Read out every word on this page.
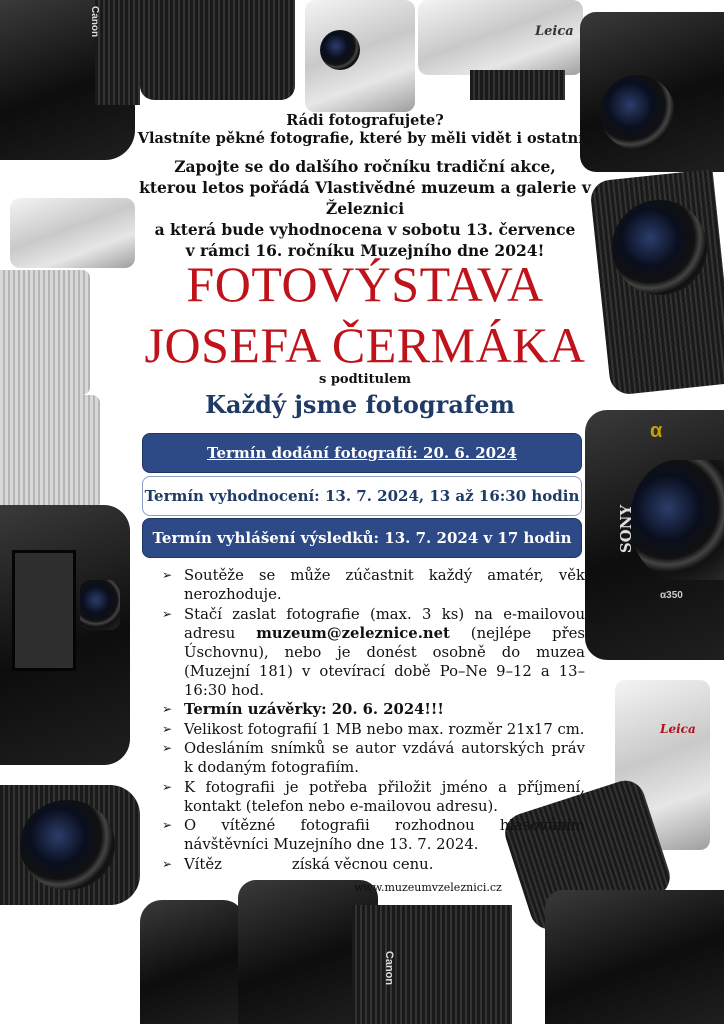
Canon	Leica
SONY
α
α350
Leica
Canon
Rádi fotografujete?
Vlastníte pěkné fotografie, které by měli vidět i ostatní?
Zapojte se do dalšího ročníku tradiční akce,
kterou letos pořádá Vlastivědné muzeum a galerie v Železnici
a která bude vyhodnocena v sobotu 13. července
v rámci 16. ročníku Muzejního dne 2024!
FOTOVÝSTAVA
JOSEFA ČERMÁKA
s podtitulem
Každý jsme fotografem
Termín dodání fotografií: 20. 6. 2024
Termín vyhodnocení: 13. 7. 2024, 13 až 16:30 hodin
Termín vyhlášení výsledků: 13. 7. 2024 v 17 hodin
➢ Soutěže se může zúčastnit každý amatér, věk nerozhoduje.
➢ Stačí zaslat fotografie (max. 3 ks) na e-mailovou adresu muzeum@zeleznice.net (nejlépe přes Úschovnu), nebo je donést osobně do muzea (Muzejní 181) v otevírací době Po–Ne 9–12 a 13–16:30 hod.
➢ Termín uzávěrky: 20. 6. 2024!!!
➢ Velikost fotografií 1 MB nebo max. rozměr 21x17 cm.
➢ Odesláním snímků se autor vzdává autorských práv k dodaným fotografiím.
➢ K fotografii je potřeba přiložit jméno a příjmení, kontakt (telefon nebo e-mailovou adresu).
➢ O vítězné fotografii rozhodnou hlasováním návštěvníci Muzejního dne 13. 7. 2024.
➢ Vítěz	získá věcnou cenu.
www.muzeumvzeleznici.cz
